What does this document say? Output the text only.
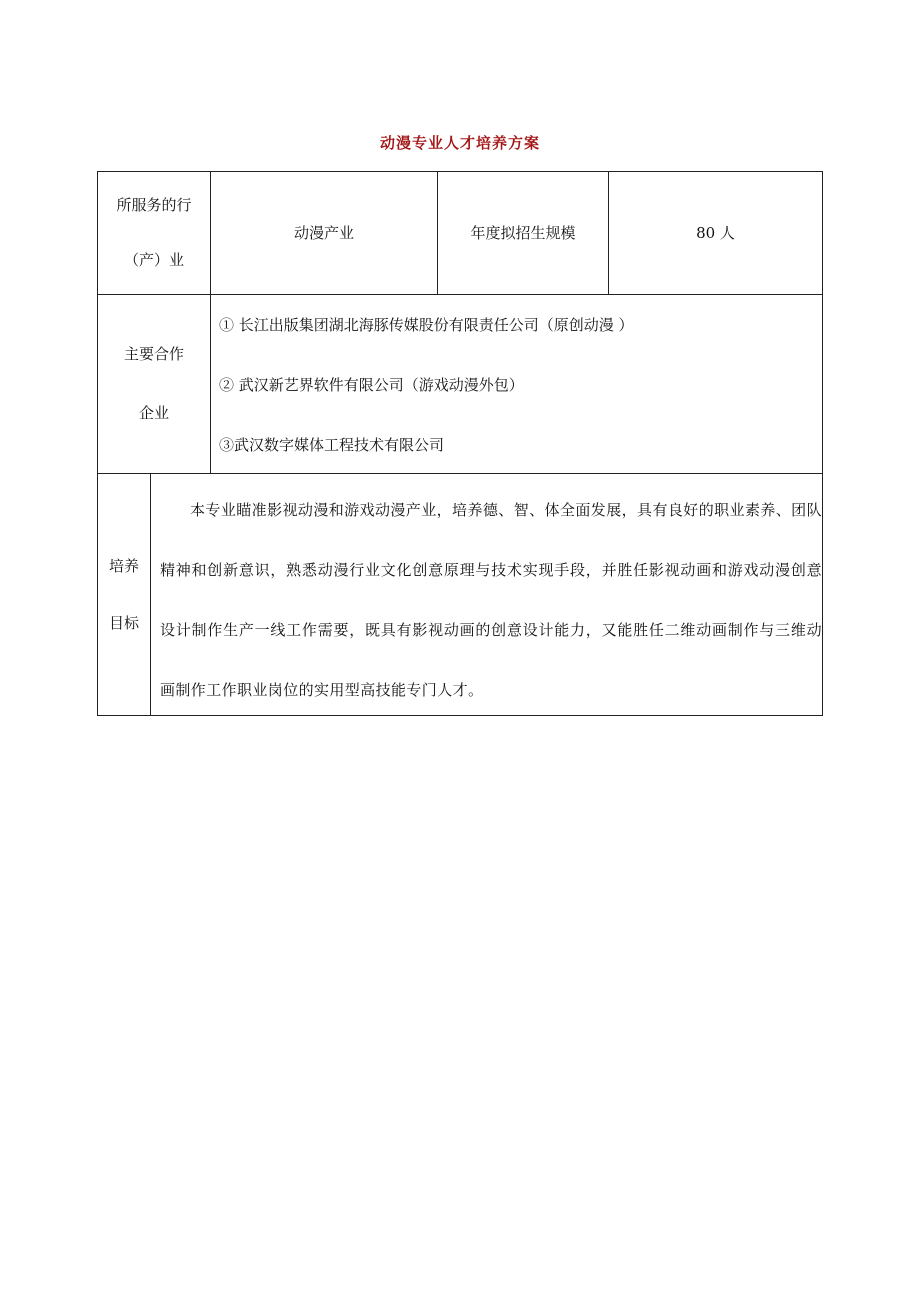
动漫专业人才培养方案
所服务的行
（产）业
动漫产业	年度拟招生规模	80 人
主要合作
企业
① 长江出版集团湖北海豚传媒股份有限责任公司（原创动漫 ）
② 武汉新艺界软件有限公司（游戏动漫外包）
③武汉数字媒体工程技术有限公司
培养
目标
本专业瞄准影视动漫和游戏动漫产业，培养德、智、体全面发展，具有良好的职业素养、团队精神和创新意识，熟悉动漫行业文化创意原理与技术实现手段，并胜任影视动画和游戏动漫创意设计制作生产一线工作需要，既具有影视动画的创意设计能力，又能胜任二维动画制作与三维动画制作工作职业岗位的实用型高技能专门人才。
